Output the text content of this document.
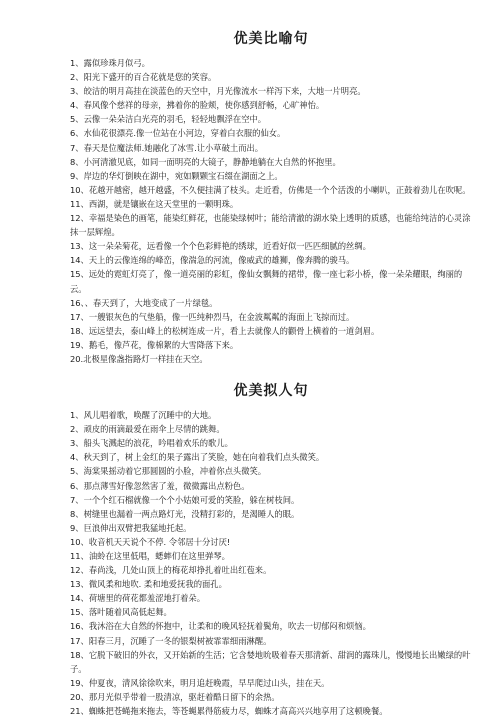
优美比喻句
1、露似珍珠月似弓。
2、阳光下盛开的百合花就是您的笑容。
3、皎洁的明月高挂在淡蓝色的天空中，月光像流水一样泻下来，大地一片明亮。
4、春风像个慈祥的母亲，拂着你的脸颊，使你感到舒畅，心旷神怡。
5、云像一朵朵洁白光亮的羽毛，轻轻地飘浮在空中。
6、水仙花很漂亮.像一位站在小河边，穿着白衣服的仙女。
7、春天是位魔法师.她融化了冰雪.让小草破土而出。
8、小河清澈见底，如同一面明亮的大镜子，静静地躺在大自然的怀抱里。
9、岸边的华灯倒映在湖中，宛如颗颗宝石缀在湖面之上。
10、花越开越密，越开越盛，不久便挂满了枝头。走近看，仿佛是一个个活泼的小喇叭，正鼓着劲儿在吹呢。
11、西湖，就是镶嵌在这天堂里的一颗明珠。
12、幸福是染色的画笔，能染红鲜花，也能染绿树叶；能给清澈的湖水染上透明的质感，也能给纯洁的心灵涂抹一层辉煌。
13、这一朵朵菊花，远看像一个个色彩鲜艳的绣球，近看好似一匹匹细腻的丝绸。
14、天上的云像连绵的峰峦，像湍急的河流，像威武的雄狮，像奔腾的骏马。
15、远处的霓虹灯亮了，像一道亮丽的彩虹，像仙女飘舞的裙带，像一座七彩小桥，像一朵朵耀眼，绚丽的云。
16、、春天到了，大地变成了一片绿毯。
17、一艘银灰色的气垫船，像一匹纯种烈马，在金波粼粼的海面上飞掠而过。
18、远远望去，泰山峰上的松树连成一片，看上去就像人的颧骨上横着的一道剑眉。
19、鹅毛，像芦花，像棉絮的大雪降落下来。
20.北极星像盏指路灯一样挂在天空。
优美拟人句
1、风儿唱着歌，唤醒了沉睡中的大地。
2、顽皮的雨滴最爱在雨伞上尽情的跳舞。
3、船头飞溅起的浪花，吟唱着欢乐的歌儿。
4、秋天到了，树上金红的果子露出了笑脸，她在向着我们点头微笑。
5、海棠果摇动着它那圆圆的小脸，冲着你点头微笑。
6、那点薄雪好像忽然害了羞，微微露出点粉色。
7、一个个红石榴就像一个个小姑娘可爱的笑脸，躲在树枝间。
8、树缝里也漏着一两点路灯光，没精打彩的，是渴睡人的眼。
9、巨浪伸出双臂把我猛地托起。
10、收音机天天说个不停. 令邻居十分讨厌!
11、油蛉在这里低唱，蟋蟀们在这里弹琴。
12、春尚浅，几处山顶上的梅花却挣扎着吐出红苞来。
13、微风柔和地吹. 柔和地爱抚我的面孔。
14、荷塘里的荷花都羞涩地打着朵。
15、落叶随着风高低起舞。
16、我沐浴在大自然的怀抱中，让柔和的晚风轻抚着鬓角，吹去一切郁闷和烦恼。
17、阳春三月，沉睡了一冬的银梨树被霏霏细雨淋醒。
18、它脱下破旧的外衣，又开始新的生活；它含婪地吮吸着春天那清新、甜润的露珠儿，慢慢地长出嫩绿的叶子。
19、仲夏夜，清风徐徐吹来，明月追赶晚霞，早早爬过山头，挂在天。
20、那月光似乎带着一股清凉，驱赶着酷日留下的余热。
21、蜘蛛把苍蝇拖来拖去，等苍蝇累得筋疲力尽，蜘蛛才高高兴兴地享用了这顿晚餐。
